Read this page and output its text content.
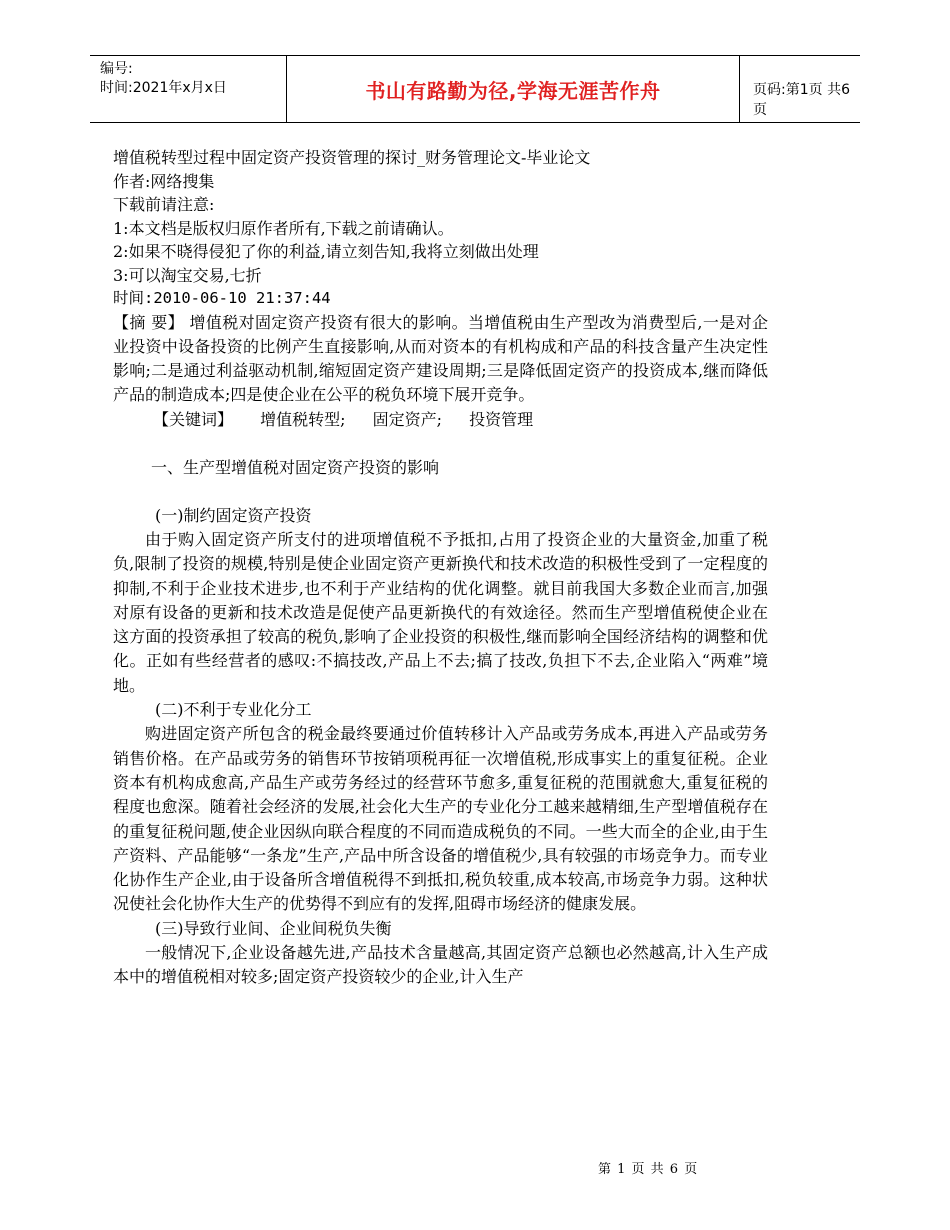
编号:
时间:2021年x月x日	书山有路勤为径,学海无涯苦作舟	页码:第1页 共6页
增值税转型过程中固定资产投资管理的探讨_财务管理论文-毕业论文
作者:网络搜集
下载前请注意:
1:本文档是版权归原作者所有,下载之前请确认。
2:如果不晓得侵犯了你的利益,请立刻告知,我将立刻做出处理
3:可以淘宝交易,七折
时间:2010-06-10 21:37:44
【摘 要】 增值税对固定资产投资有很大的影响。当增值税由生产型改为消费型后,一是对企业投资中设备投资的比例产生直接影响,从而对资本的有机构成和产品的科技含量产生决定性影响;二是通过利益驱动机制,缩短固定资产建设周期;三是降低固定资产的投资成本,继而降低产品的制造成本;四是使企业在公平的税负环境下展开竞争。
【关键词】 增值税转型; 固定资产; 投资管理
一、生产型增值税对固定资产投资的影响
(一)制约固定资产投资
由于购入固定资产所支付的进项增值税不予抵扣,占用了投资企业的大量资金,加重了税负,限制了投资的规模,特别是使企业固定资产更新换代和技术改造的积极性受到了一定程度的抑制,不利于企业技术进步,也不利于产业结构的优化调整。就目前我国大多数企业而言,加强对原有设备的更新和技术改造是促使产品更新换代的有效途径。然而生产型增值税使企业在这方面的投资承担了较高的税负,影响了企业投资的积极性,继而影响全国经济结构的调整和优化。正如有些经营者的感叹:不搞技改,产品上不去;搞了技改,负担下不去,企业陷入“两难”境地。
(二)不利于专业化分工
购进固定资产所包含的税金最终要通过价值转移计入产品或劳务成本,再进入产品或劳务销售价格。在产品或劳务的销售环节按销项税再征一次增值税,形成事实上的重复征税。企业资本有机构成愈高,产品生产或劳务经过的经营环节愈多,重复征税的范围就愈大,重复征税的程度也愈深。随着社会经济的发展,社会化大生产的专业化分工越来越精细,生产型增值税存在的重复征税问题,使企业因纵向联合程度的不同而造成税负的不同。一些大而全的企业,由于生产资料、产品能够“一条龙”生产,产品中所含设备的增值税少,具有较强的市场竞争力。而专业化协作生产企业,由于设备所含增值税得不到抵扣,税负较重,成本较高,市场竞争力弱。这种状况使社会化协作大生产的优势得不到应有的发挥,阻碍市场经济的健康发展。
(三)导致行业间、企业间税负失衡
一般情况下,企业设备越先进,产品技术含量越高,其固定资产总额也必然越高,计入生产成本中的增值税相对较多;固定资产投资较少的企业,计入生产
第 1 页 共 6 页
